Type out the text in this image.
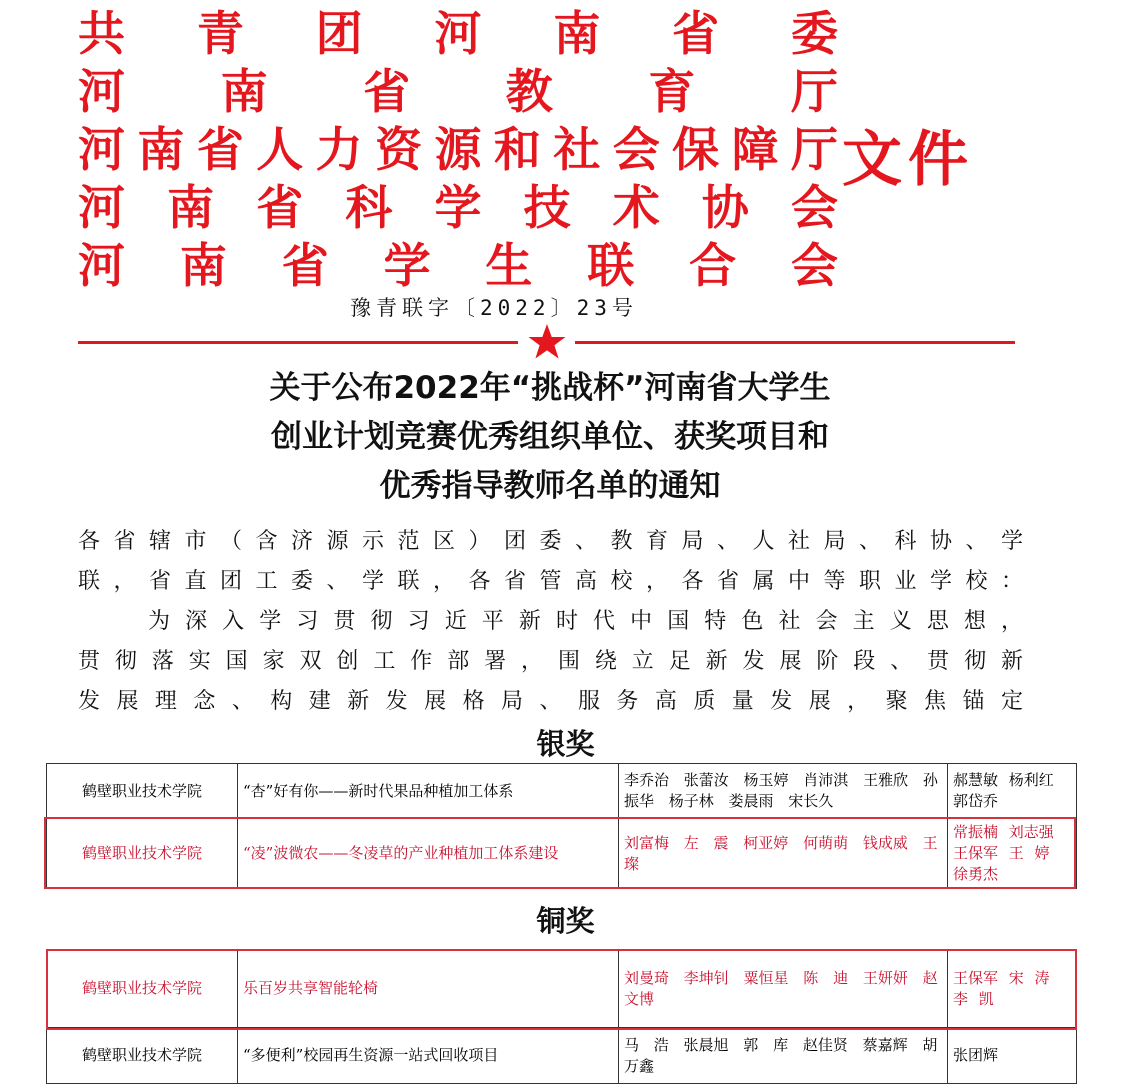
共青团河南省委
河南省教育厅
河南省人力资源和社会保障厅
河南省科学技术协会
河南省学生联合会
文件
豫青联字〔2022〕23号
关于公布2022年“挑战杯”河南省大学生
创业计划竞赛优秀组织单位、获奖项目和
优秀指导教师名单的通知
各省辖市（含济源示范区）团委、教育局、人社局、科协、学
联，省直团工委、学联，各省管高校，各省属中等职业学校：
为深入学习贯彻习近平新时代中国特色社会主义思想，
贯彻落实国家双创工作部署，围绕立足新发展阶段、贯彻新
发展理念、构建新发展格局、服务高质量发展，聚焦锚定
银奖
鹤壁职业技术学院	“杏”好有你——新时代果品种植加工体系	李乔治 张蕾汝 杨玉婷 肖沛淇 王雅欣 孙振华 杨子林 娄晨雨 宋长久	郝慧敏 杨利红 郭岱乔
鹤壁职业技术学院	“凌”波微农——冬凌草的产业种植加工体系建设	刘富梅 左 震 柯亚婷 何萌萌 钱成威 王 璨	常振楠 刘志强 王保军 王 婷 徐勇杰
铜奖
鹤壁职业技术学院	乐百岁共享智能轮椅	刘曼琦 李坤钊 粟恒星 陈 迪 王妍妍 赵文博	王保军 宋 涛 李 凯
鹤壁职业技术学院	“多便利”校园再生资源一站式回收项目	马 浩 张晨旭 郭 库 赵佳贤 蔡嘉辉 胡万鑫	张团辉
